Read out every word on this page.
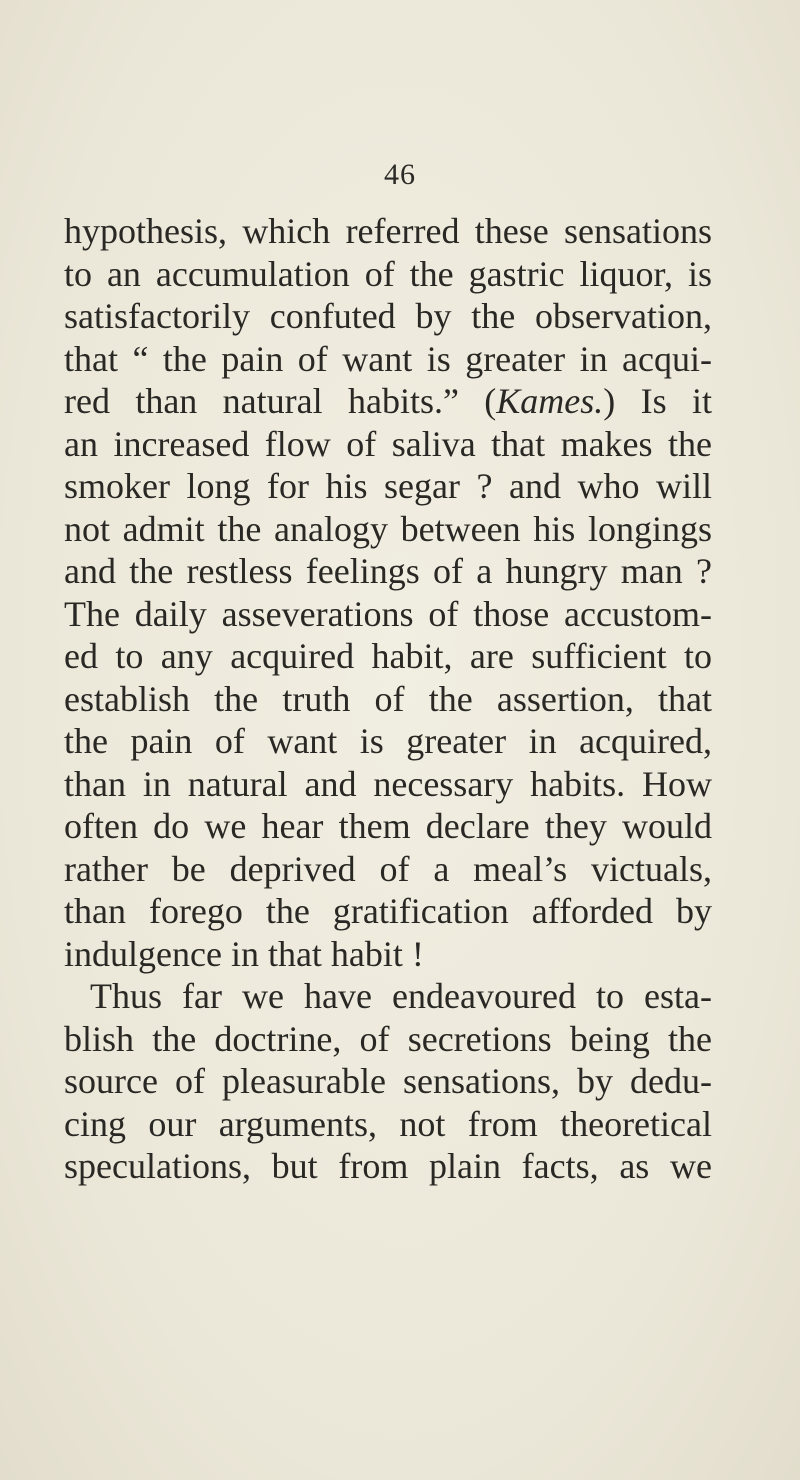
46
hypothesis, which referred these sensations
to an accumulation of the gastric liquor, is
satisfactorily confuted by the observation,
that “ the pain of want is greater in acqui-
red than natural habits.” (Kames.) Is it
an increased flow of saliva that makes the
smoker long for his segar ? and who will
not admit the analogy between his longings
and the restless feelings of a hungry man ?
The daily asseverations of those accustom-
ed to any acquired habit, are sufficient to
establish the truth of the assertion, that
the pain of want is greater in acquired,
than in natural and necessary habits. How
often do we hear them declare they would
rather be deprived of a meal’s victuals,
than forego the gratification afforded by
indulgence in that habit !
Thus far we have endeavoured to esta-
blish the doctrine, of secretions being the
source of pleasurable sensations, by dedu-
cing our arguments, not from theoretical
speculations, but from plain facts, as we
